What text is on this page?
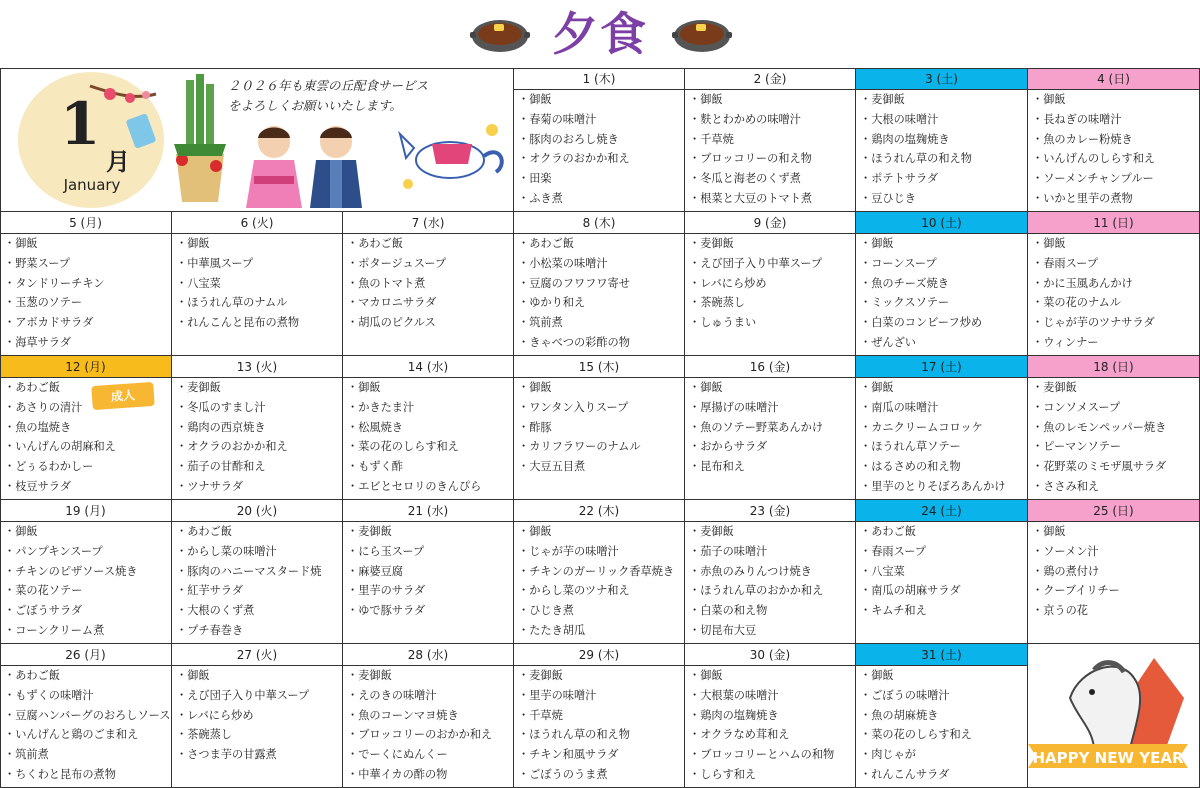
夕食
1
月
January
２０２６年も東雲の丘配食サービス
をよろしくお願いいたします。
1 (木)
・ 御飯
・ 春菊の味噌汁
・ 豚肉のおろし焼き
・ オクラのおかか和え
・ 田楽
・ ふき煮
2 (金)
・ 御飯
・ 麩とわかめの味噌汁
・ 千草焼
・ ブロッコリーの和え物
・ 冬瓜と海老のくず煮
・ 根菜と大豆のトマト煮
3 (土)
・ 麦御飯
・ 大根の味噌汁
・ 鶏肉の塩麹焼き
・ ほうれん草の和え物
・ ポテトサラダ
・ 豆ひじき
4 (日)
・ 御飯
・ 長ねぎの味噌汁
・ 魚のカレー粉焼き
・ いんげんのしらす和え
・ ソーメンチャンプルー
・ いかと里芋の煮物
5 (月)
・ 御飯
・ 野菜スープ
・ タンドリーチキン
・ 玉葱のソテー
・ アボカドサラダ
・ 海草サラダ
6 (火)
・ 御飯
・ 中華風スープ
・ 八宝菜
・ ほうれん草のナムル
・ れんこんと昆布の煮物
7 (水)
・ あわご飯
・ ポタージュスープ
・ 魚のトマト煮
・ マカロニサラダ
・ 胡瓜のピクルス
8 (木)
・ あわご飯
・ 小松菜の味噌汁
・ 豆腐のフワフワ寄せ
・ ゆかり和え
・ 筑前煮
・ きゃべつの彩酢の物
9 (金)
・ 麦御飯
・ えび団子入り中華スープ
・ レバにら炒め
・ 茶碗蒸し
・ しゅうまい
10 (土)
・ 御飯
・ コーンスープ
・ 魚のチーズ焼き
・ ミックスソテー
・ 白菜のコンビーフ炒め
・ ぜんざい
11 (日)
・ 御飯
・ 春雨スープ
・ かに玉風あんかけ
・ 菜の花のナムル
・ じゃが芋のツナサラダ
・ ウィンナー
12 (月)
・ あわご飯
・ あさりの清汁
・ 魚の塩焼き
・ いんげんの胡麻和え
・ どぅるわかしー
・ 枝豆サラダ
成人
13 (火)
・ 麦御飯
・ 冬瓜のすまし汁
・ 鶏肉の西京焼き
・ オクラのおかか和え
・ 茄子の甘酢和え
・ ツナサラダ
14 (水)
・ 御飯
・ かきたま汁
・ 松風焼き
・ 菜の花のしらす和え
・ もずく酢
・ エビとセロリのきんぴら
15 (木)
・ 御飯
・ ワンタン入りスープ
・ 酢豚
・ カリフラワーのナムル
・ 大豆五目煮
16 (金)
・ 御飯
・ 厚揚げの味噌汁
・ 魚のソテー野菜あんかけ
・ おからサラダ
・ 昆布和え
17 (土)
・ 御飯
・ 南瓜の味噌汁
・ カニクリームコロッケ
・ ほうれん草ソテー
・ はるさめの和え物
・ 里芋のとりそぼろあんかけ
18 (日)
・ 麦御飯
・ コンソメスープ
・ 魚のレモンペッパー焼き
・ ピーマンソテー
・ 花野菜のミモザ風サラダ
・ ささみ和え
19 (月)
・ 御飯
・ パンプキンスープ
・ チキンのピザソース焼き
・ 菜の花ソテー
・ ごぼうサラダ
・ コーンクリーム煮
20 (火)
・ あわご飯
・ からし菜の味噌汁
・ 豚肉のハニーマスタード焼
・ 紅芋サラダ
・ 大根のくず煮
・ プチ春巻き
21 (水)
・ 麦御飯
・ にら玉スープ
・ 麻婆豆腐
・ 里芋のサラダ
・ ゆで豚サラダ
22 (木)
・ 御飯
・ じゃが芋の味噌汁
・ チキンのガーリック香草焼き
・ からし菜のツナ和え
・ ひじき煮
・ たたき胡瓜
23 (金)
・ 麦御飯
・ 茄子の味噌汁
・ 赤魚のみりんつけ焼き
・ ほうれん草のおかか和え
・ 白菜の和え物
・ 切昆布大豆
24 (土)
・ あわご飯
・ 春雨スープ
・ 八宝菜
・ 南瓜の胡麻サラダ
・ キムチ和え
25 (日)
・ 御飯
・ ソーメン汁
・ 鶏の煮付け
・ クーブイリチー
・ 京うの花
26 (月)
・ あわご飯
・ もずくの味噌汁
・ 豆腐ハンバーグのおろしソース
・ いんげんと鶏のごま和え
・ 筑前煮
・ ちくわと昆布の煮物
27 (火)
・ 御飯
・ えび団子入り中華スープ
・ レバにら炒め
・ 茶碗蒸し
・ さつま芋の甘露煮
28 (水)
・ 麦御飯
・ えのきの味噌汁
・ 魚のコーンマヨ焼き
・ ブロッコリーのおかか和え
・ でーくにぬんくー
・ 中華イカの酢の物
29 (木)
・ 麦御飯
・ 里芋の味噌汁
・ 千草焼
・ ほうれん草の和え物
・ チキン和風サラダ
・ ごぼうのうま煮
30 (金)
・ 御飯
・ 大根葉の味噌汁
・ 鶏肉の塩麹焼き
・ オクラなめ茸和え
・ ブロッコリーとハムの和物
・ しらす和え
31 (土)
・ 御飯
・ ごぼうの味噌汁
・ 魚の胡麻焼き
・ 菜の花のしらす和え
・ 肉じゃが
・ れんこんサラダ
HAPPY NEW YEAR
